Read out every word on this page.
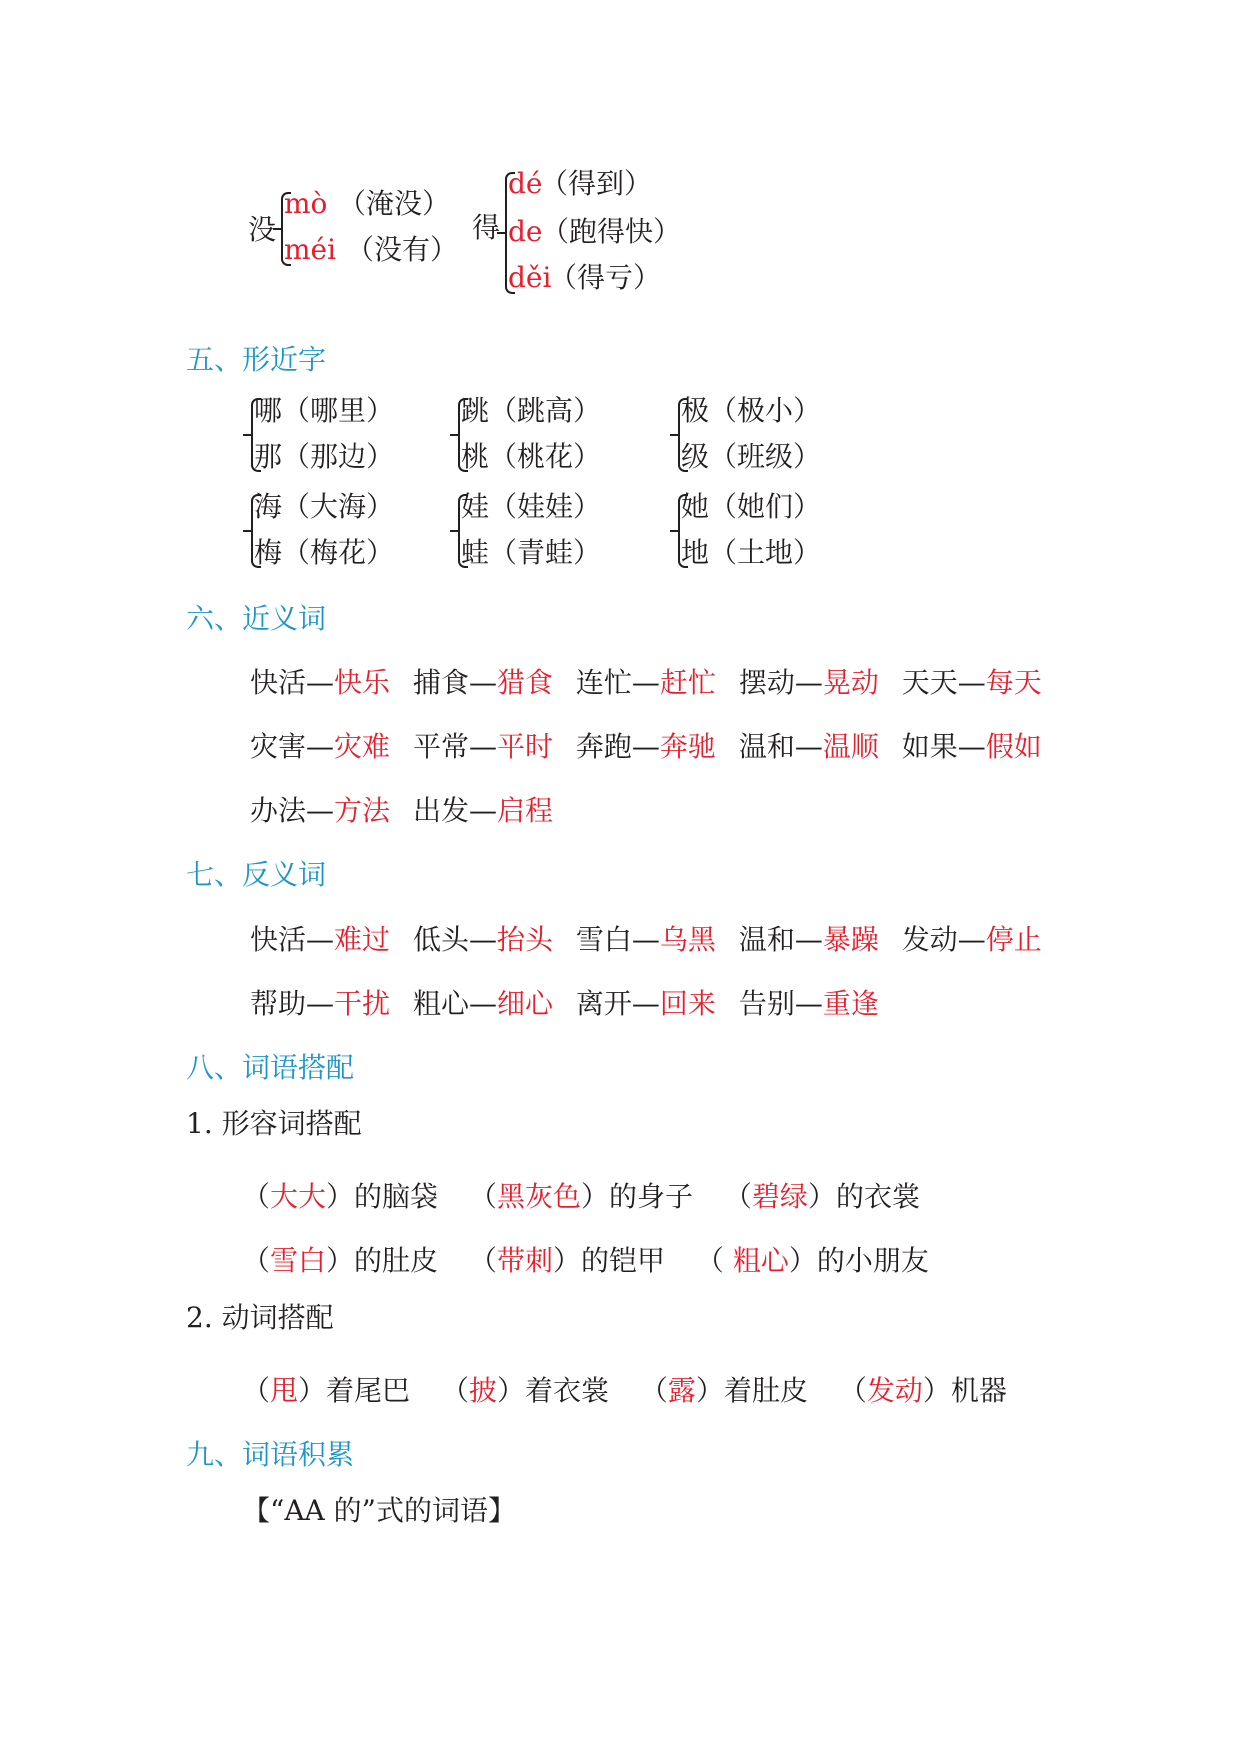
没
mò （淹没）
méi （没有）
得
dé
（得到）
de
（跑得快）
děi
（得亏）
五、形近字
哪（哪里）
那（那边）
跳（跳高）
桃（桃花）
极（极小）
级（班级）
海（大海）
梅（梅花）
娃（娃娃）
蛙（青蛙）
她（她们）
地（土地）
六、近义词
快活—快乐 捕食—猎食 连忙—赶忙 摆动—晃动 天天—每天
灾害—灾难 平常—平时 奔跑—奔驰 温和—温顺 如果—假如
办法—方法 出发—启程
七、反义词
快活—难过 低头—抬头 雪白—乌黑 温和—暴躁 发动—停止
帮助—干扰 粗心—细心 离开—回来 告别—重逢
八、词语搭配
1. 形容词搭配
（大大）的脑袋 （黑灰色）的身子 （碧绿）的衣裳
（雪白）的肚皮 （带刺）的铠甲 （ 粗心）的小朋友
2. 动词搭配
（甩）着尾巴 （披）着衣裳 （露）着肚皮 （发动）机器
九、词语积累
【“AA 的”式的词语】
